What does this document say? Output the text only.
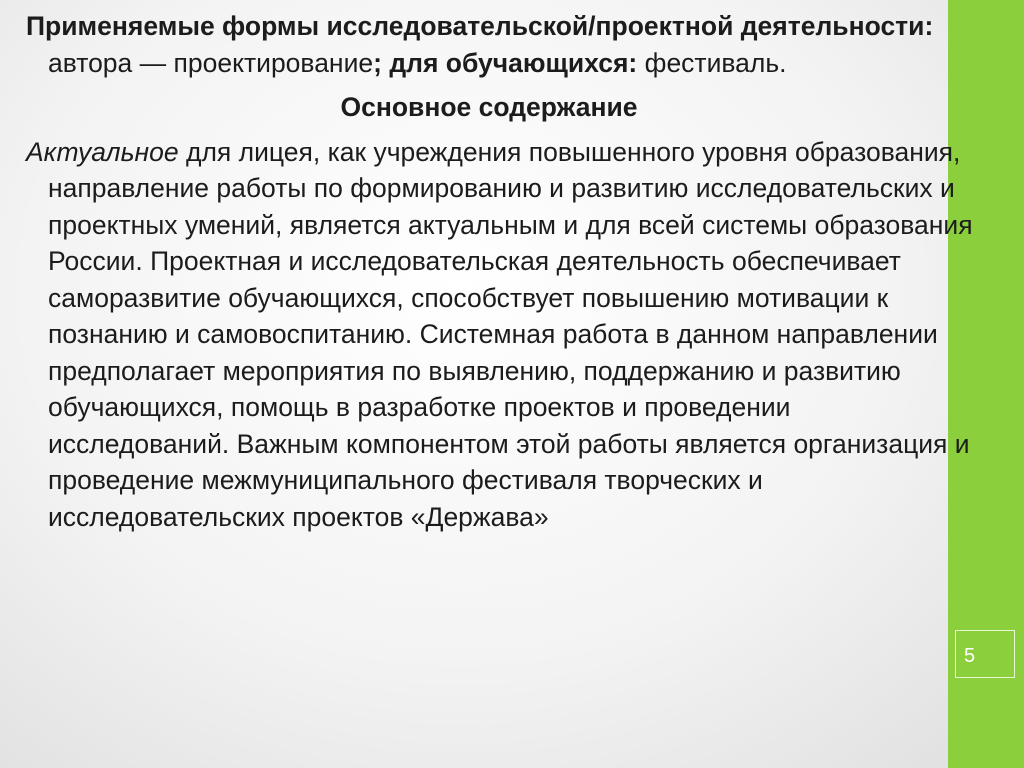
5

Применяемые формы исследовательской/проектной деятельности: автора — проектирование; для обучающихся: фестиваль.

Основное содержание

Актуальное для лицея, как учреждения повышенного уровня образования, направление работы по формированию и развитию исследовательских и проектных умений, является актуальным и для всей системы образования России. Проектная и исследовательская деятельность обеспечивает саморазвитие обучающихся, способствует повышению мотивации к познанию и самовоспитанию. Системная работа в данном направлении предполагает мероприятия по выявлению, поддержанию и развитию обучающихся, помощь в разработке проектов и проведении исследований. Важным компонентом этой работы является организация и проведение межмуниципального фестиваля творческих и исследовательских проектов «Держава»
